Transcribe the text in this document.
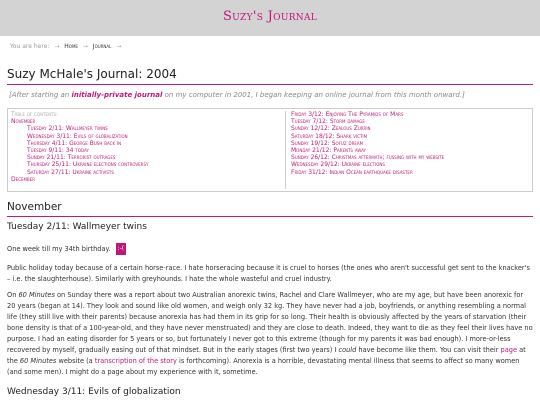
Suzy's Journal
You are here: → Home → Journal →
Suzy McHale's Journal: 2004
[After starting an initially-private journal on my computer in 2001, I began keeping an online journal from this month onward.]
Table of contents:
November
Tuesday 2/11: Wallmeyer twins
Wednesday 3/11: Evils of globalization
Thursday 4/11: George Bush back in
Tuesday 9/11: 34 today
Sunday 21/11: Terrorist outrages
Thursday 25/11: Ukraine elections controversy
Saturday 27/11: Ukraine activists
December
Friday 3/12: Enjoying The Pyramids of Mars
Tuesday 7/12: Storm damage
Sunday 12/12: Zealous Zurrin
Saturday 18/12: Shark victim
Sunday 19/12: Sofuz dream
Monday 21/12: Parents away
Sunday 26/12: Christmas aftermath; fussing with my website
Wednesday 29/12: Ukraine elections
Friday 31/12: Indian Ocean earthquake disaster
November
Tuesday 2/11: Wallmeyer twins
One week till my 34th birthday. :-(
Public holiday today because of a certain horse-race. I hate horseracing because it is cruel to horses (the ones who aren't successful get sent to the knacker's – i.e. the slaughterhouse). Similarly with greyhounds. I hate the whole wasteful and cruel industry.
On 60 Minutes on Sunday there was a report about two Australian anorexic twins, Rachel and Clare Wallmeyer, who are my age, but have been anorexic for 20 years (began at 14). They look and sound like old women, and weigh only 32 kg. They have never had a job, boyfriends, or anything resembling a normal life (they still live with their parents) because anorexia has had them in its grip for so long. Their health is obviously affected by the years of starvation (their bone density is that of a 100-year-old, and they have never menstruated) and they are close to death. Indeed, they want to die as they feel their lives have no purpose. I had an eating disorder for 5 years or so, but fortunately I never got to this extreme (though for my parents it was bad enough). I more-or-less recovered by myself, gradually easing out of that mindset. But in the early stages (first two years) I could have become like them. You can visit their page at the 60 Minutes website (a transcription of the story is forthcoming). Anorexia is a horrible, devastating mental illness that seems to affect so many women (and some men). I might do a page about my experience with it, sometime.
Wednesday 3/11: Evils of globalization
